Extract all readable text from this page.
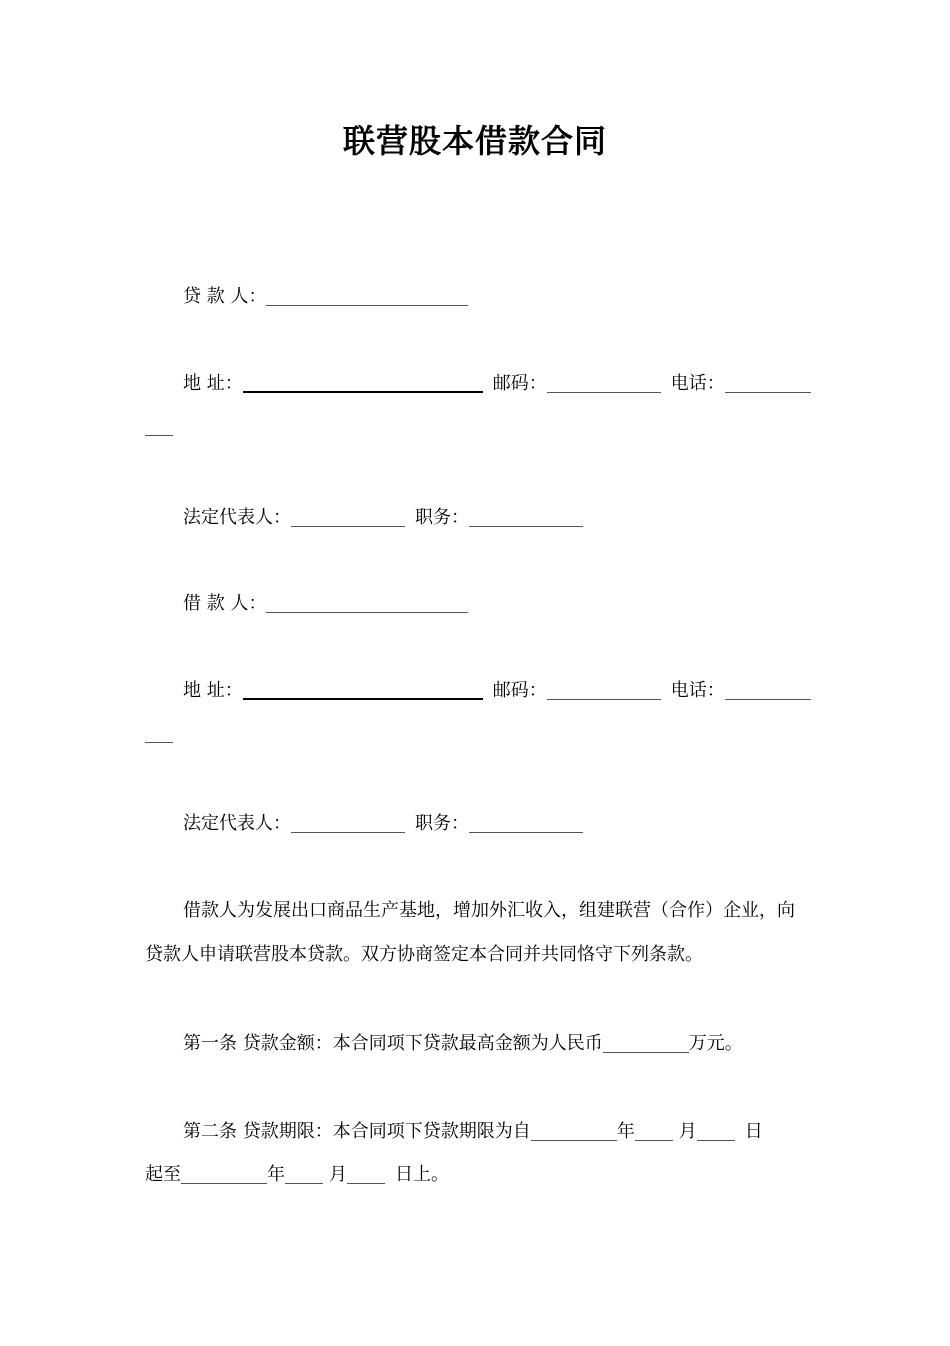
联营股本借款合同
贷 款 人：
地 址：	邮码：	电话：
法定代表人：	职务：
借 款 人：
地 址：	邮码：	电话：
法定代表人：	职务：
借款人为发展出口商品生产基地，增加外汇收入，组建联营（合作）企业，向
贷款人申请联营股本贷款。双方协商签定本合同并共同恪守下列条款。
第一条 贷款金额：本合同项下贷款最高金额为人民币	万元。
第二条 贷款期限：本合同项下贷款期限为自	年 月	日
起至	年 月	日上。
